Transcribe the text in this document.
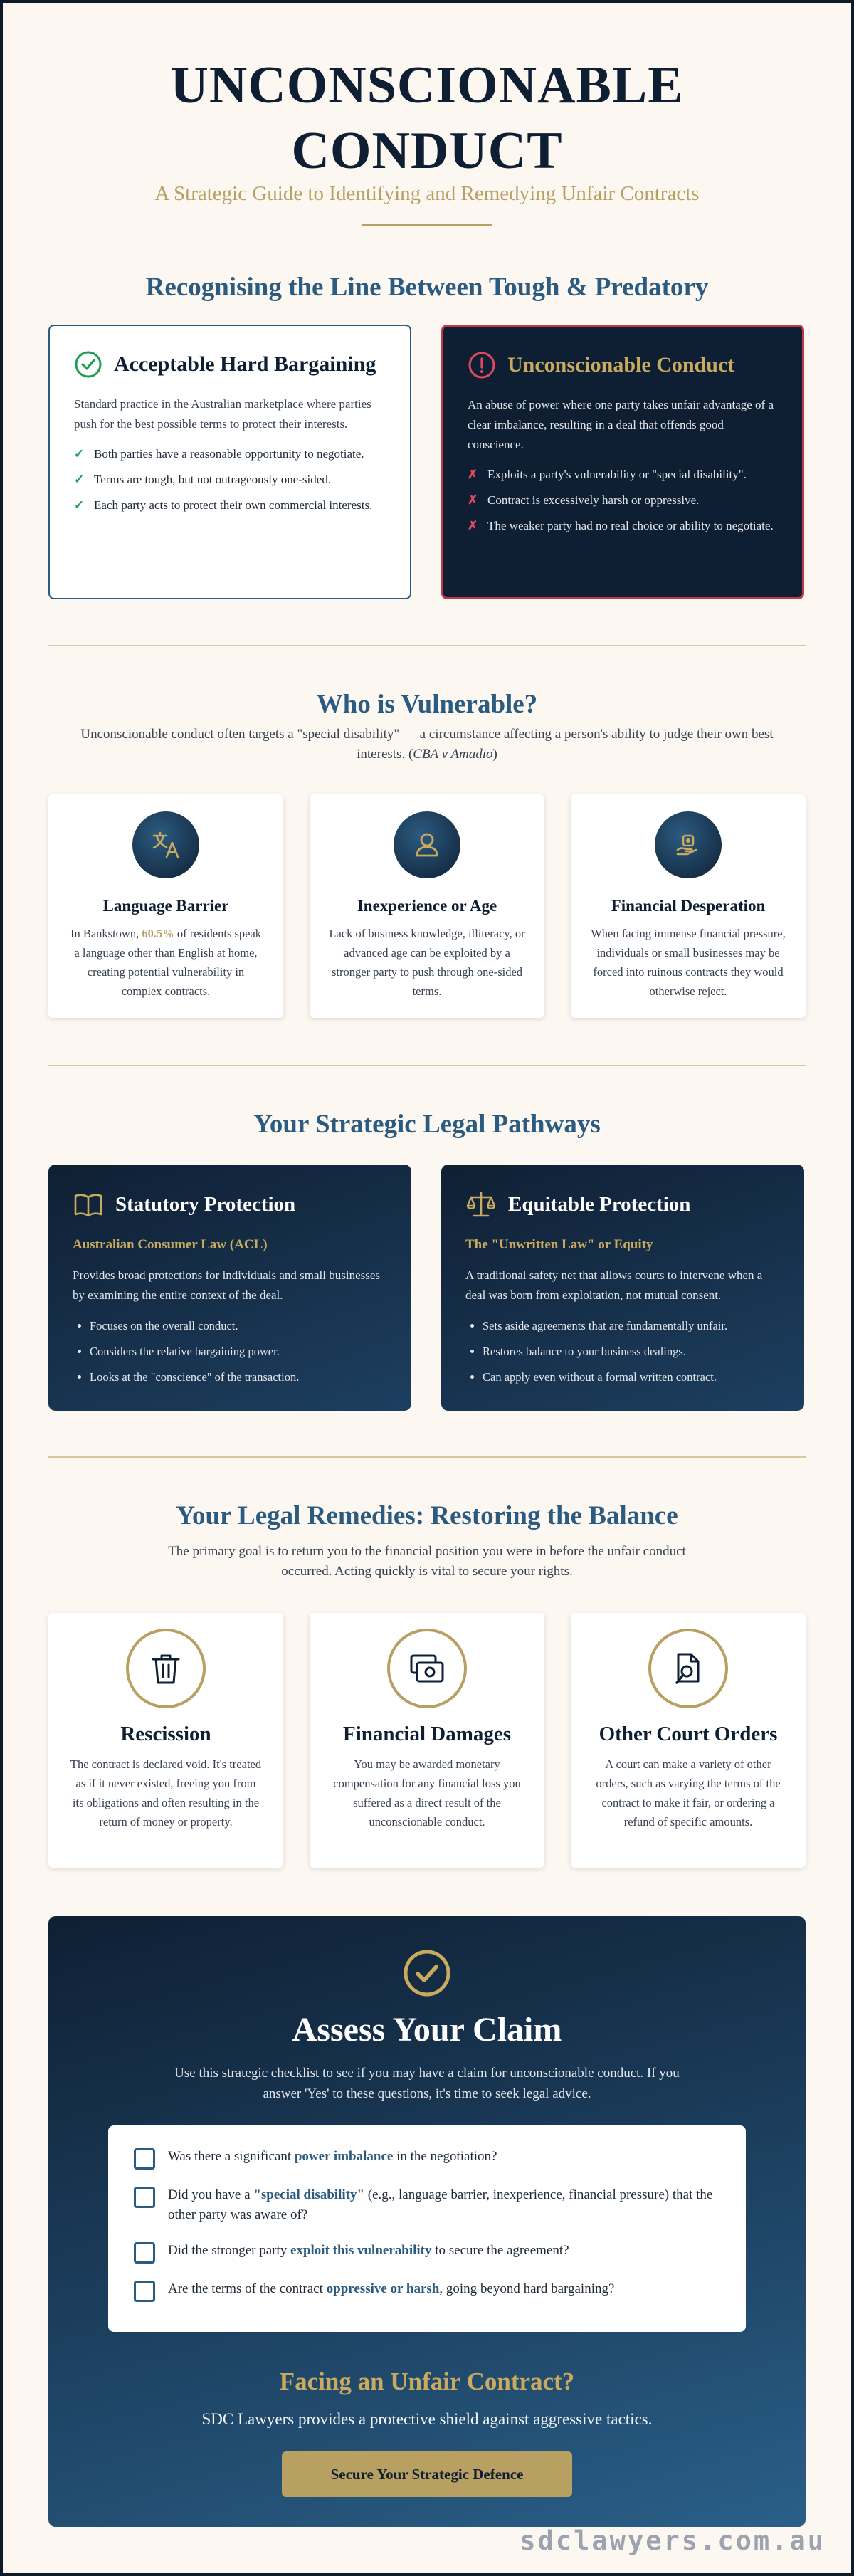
UNCONSCIONABLE
CONDUCT
A Strategic Guide to Identifying and Remedying Unfair Contracts
Recognising the Line Between Tough & Predatory
Acceptable Hard Bargaining

Standard practice in the Australian marketplace where parties push for the best possible terms to protect their interests.

✓ Both parties have a reasonable opportunity to negotiate.
✓ Terms are tough, but not outrageously one-sided.
✓ Each party acts to protect their own commercial interests.
Unconscionable Conduct

An abuse of power where one party takes unfair advantage of a clear imbalance, resulting in a deal that offends good conscience.

✗ Exploits a party's vulnerability or "special disability".
✗ Contract is excessively harsh or oppressive.
✗ The weaker party had no real choice or ability to negotiate.
Who is Vulnerable?

Unconscionable conduct often targets a "special disability" — a circumstance affecting a person's ability to judge their own best interests. (CBA v Amadio)

Language Barrier

In Bankstown, 60.5% of residents speak a language other than English at home, creating potential vulnerability in complex contracts.

Inexperience or Age

Lack of business knowledge, illiteracy, or advanced age can be exploited by a stronger party to push through one-sided terms.

Financial Desperation

When facing immense financial pressure, individuals or small businesses may be forced into ruinous contracts they would otherwise reject.

Your Strategic Legal Pathways
Statutory Protection
Australian Consumer Law (ACL)

Provides broad protections for individuals and small businesses by examining the entire context of the deal.

• Focuses on the overall conduct.
• Considers the relative bargaining power.
• Looks at the "conscience" of the transaction.
Equitable Protection
The "Unwritten Law" or Equity

A traditional safety net that allows courts to intervene when a deal was born from exploitation, not mutual consent.

• Sets aside agreements that are fundamentally unfair.
• Restores balance to your business dealings.
• Can apply even without a formal written contract.
Your Legal Remedies: Restoring the Balance

The primary goal is to return you to the financial position you were in before the unfair conduct occurred. Acting quickly is vital to secure your rights.

Rescission

The contract is declared void. It's treated as if it never existed, freeing you from its obligations and often resulting in the return of money or property.

Financial Damages

You may be awarded monetary compensation for any financial loss you suffered as a direct result of the unconscionable conduct.

Other Court Orders

A court can make a variety of other orders, such as varying the terms of the contract to make it fair, or ordering a refund of specific amounts.

Assess Your Claim

Use this strategic checklist to see if you may have a claim for unconscionable conduct. If you answer 'Yes' to these questions, it's time to seek legal advice.

Was there a significant power imbalance in the negotiation?
Did you have a "special disability" (e.g., language barrier, inexperience, financial pressure) that the other party was aware of?
Did the stronger party exploit this vulnerability to secure the agreement?
Are the terms of the contract oppressive or harsh, going beyond hard bargaining?
Facing an Unfair Contract?
SDC Lawyers provides a protective shield against aggressive tactics.
Secure Your Strategic Defence
sdclawyers.com.au
